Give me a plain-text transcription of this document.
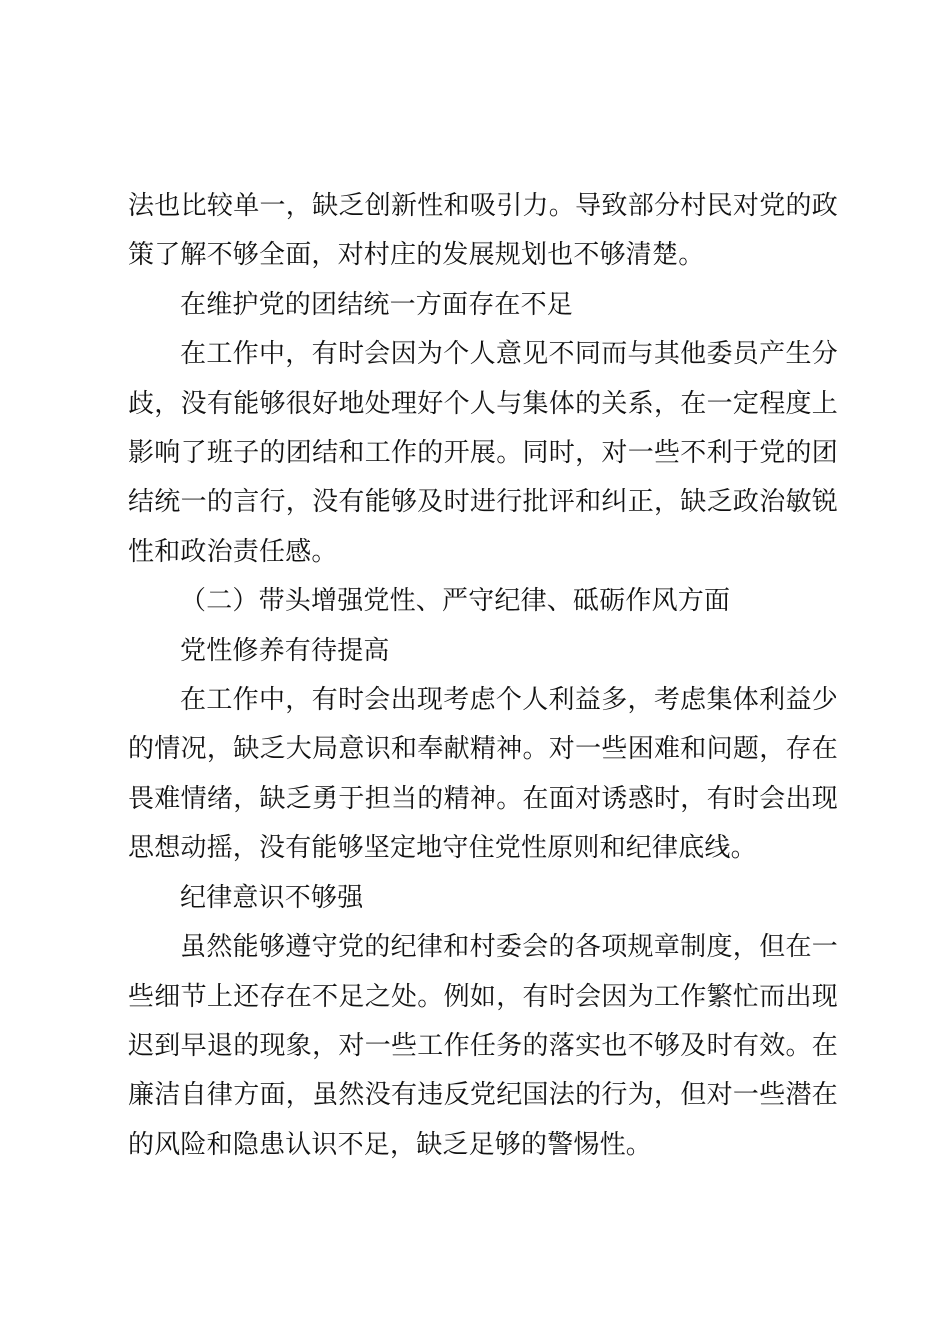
法也比较单一，缺乏创新性和吸引力。导致部分村民对党的政策了解不够全面，对村庄的发展规划也不够清楚。

在维护党的团结统一方面存在不足

在工作中，有时会因为个人意见不同而与其他委员产生分歧，没有能够很好地处理好个人与集体的关系，在一定程度上影响了班子的团结和工作的开展。同时，对一些不利于党的团结统一的言行，没有能够及时进行批评和纠正，缺乏政治敏锐性和政治责任感。

（二）带头增强党性、严守纪律、砥砺作风方面

党性修养有待提高

在工作中，有时会出现考虑个人利益多，考虑集体利益少的情况，缺乏大局意识和奉献精神。对一些困难和问题，存在畏难情绪，缺乏勇于担当的精神。在面对诱惑时，有时会出现思想动摇，没有能够坚定地守住党性原则和纪律底线。

纪律意识不够强

虽然能够遵守党的纪律和村委会的各项规章制度，但在一些细节上还存在不足之处。例如，有时会因为工作繁忙而出现迟到早退的现象，对一些工作任务的落实也不够及时有效。在廉洁自律方面，虽然没有违反党纪国法的行为，但对一些潜在的风险和隐患认识不足，缺乏足够的警惕性。
